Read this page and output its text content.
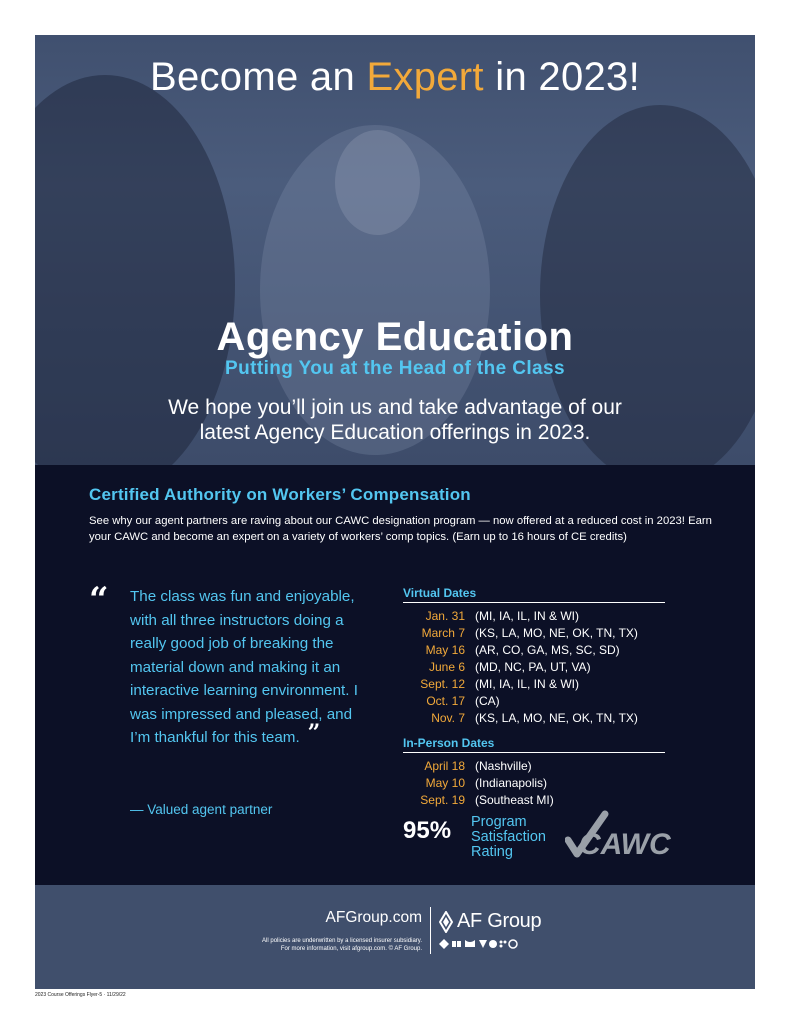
Become an Expert in 2023!
Agency Education

Putting You at the Head of the Class

We hope you’ll join us and take advantage of our latest Agency Education offerings in 2023.

Certified Authority on Workers’ Compensation

See why our agent partners are raving about our CAWC designation program — now offered at a reduced cost in 2023! Earn your CAWC and become an expert on a variety of workers’ comp topics. (Earn up to 16 hours of CE credits)

“ The class was fun and enjoyable, with all three instructors doing a really good job of breaking the material down and making it an interactive learning environment. I was impressed and pleased, and I’m thankful for this team. ”

— Valued agent partner

Virtual Dates
Jan. 31 (MI, IA, IL, IN & WI)
March 7 (KS, LA, MO, NE, OK, TN, TX)
May 16 (AR, CO, GA, MS, SC, SD)
June 6 (MD, NC, PA, UT, VA)
Sept. 12 (MI, IA, IL, IN & WI)
Oct. 17 (CA)
Nov. 7 (KS, LA, MO, NE, OK, TN, TX)
In-Person Dates
April 18 (Nashville)
May 10 (Indianapolis)
Sept. 19 (Southeast MI)

95% Program
Satisfaction
Rating	CAWC

AFGroup.com

All policies are underwritten by a licensed insurer subsidiary.
For more information, visit afgroup.com. © AF Group.

AF Group

2023 Course Offerings Flyer-5 · 11/29/22
